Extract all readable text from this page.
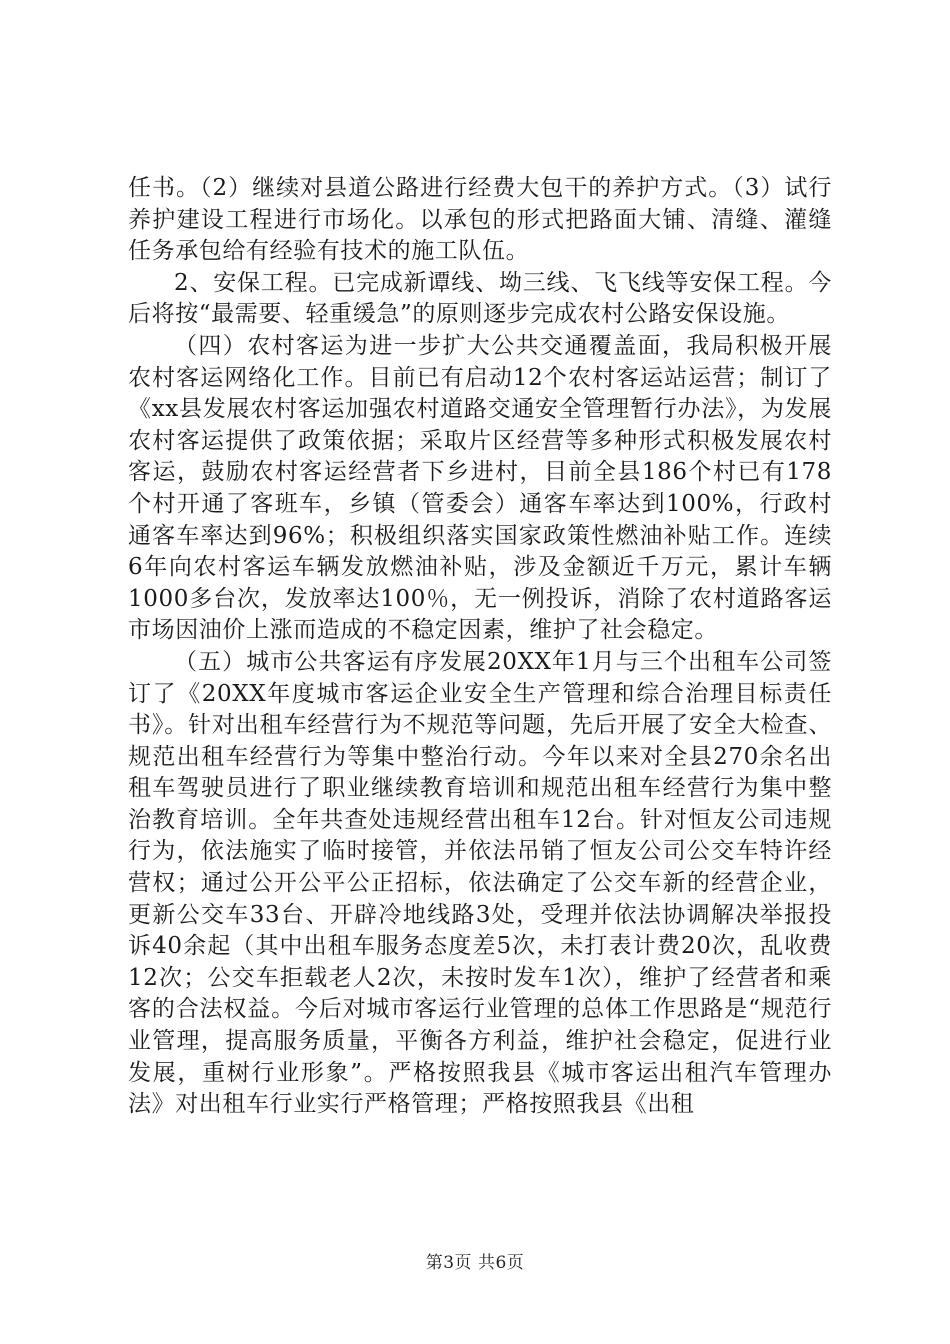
任书。（2）继续对县道公路进行经费大包干的养护方式。（3）试行养护建设工程进行市场化。以承包的形式把路面大铺、清缝、灌缝任务承包给有经验有技术的施工队伍。

2、安保工程。已完成新谭线、坳三线、飞飞线等安保工程。今后将按“最需要、轻重缓急”的原则逐步完成农村公路安保设施。

（四）农村客运为进一步扩大公共交通覆盖面，我局积极开展农村客运网络化工作。目前已有启动12个农村客运站运营；制订了《xx县发展农村客运加强农村道路交通安全管理暂行办法》，为发展农村客运提供了政策依据；采取片区经营等多种形式积极发展农村客运，鼓励农村客运经营者下乡进村，目前全县186个村已有178个村开通了客班车，乡镇（管委会）通客车率达到100%，行政村通客车率达到96%；积极组织落实国家政策性燃油补贴工作。连续6年向农村客运车辆发放燃油补贴，涉及金额近千万元，累计车辆1000多台次，发放率达100％，无一例投诉，消除了农村道路客运市场因油价上涨而造成的不稳定因素，维护了社会稳定。

（五）城市公共客运有序发展20XX年1月与三个出租车公司签订了《20XX年度城市客运企业安全生产管理和综合治理目标责任书》。针对出租车经营行为不规范等问题，先后开展了安全大检查、规范出租车经营行为等集中整治行动。今年以来对全县270余名出租车驾驶员进行了职业继续教育培训和规范出租车经营行为集中整治教育培训。全年共查处违规经营出租车12台。针对恒友公司违规行为，依法施实了临时接管，并依法吊销了恒友公司公交车特许经营权；通过公开公平公正招标，依法确定了公交车新的经营企业，更新公交车33台、开辟冷地线路3处，受理并依法协调解决举报投诉40余起（其中出租车服务态度差5次，未打表计费20次，乱收费12次；公交车拒载老人2次，未按时发车1次），维护了经营者和乘客的合法权益。今后对城市客运行业管理的总体工作思路是“规范行业管理，提高服务质量，平衡各方利益，维护社会稳定，促进行业发展，重树行业形象”。严格按照我县《城市客运出租汽车管理办法》对出租车行业实行严格管理；严格按照我县《出租

第3页 共6页
